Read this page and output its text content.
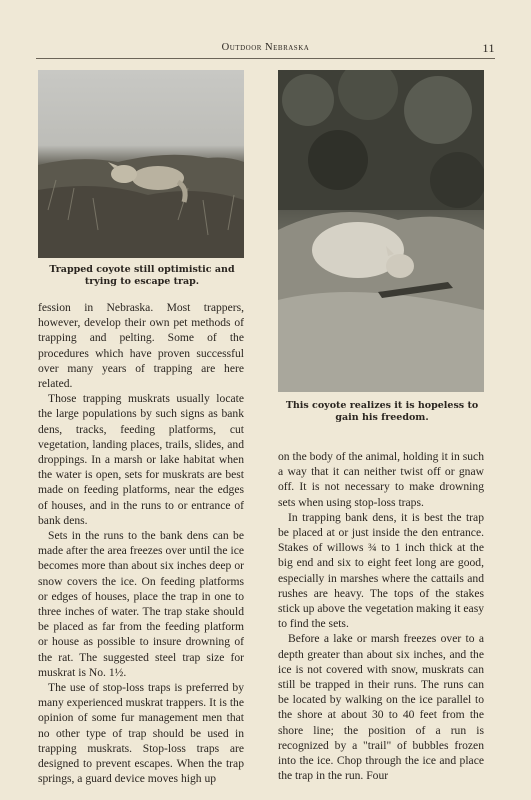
Outdoor Nebraska	11
Trapped coyote still optimistic and trying to escape trap.
This coyote realizes it is hopeless to gain his freedom.

fession in Nebraska. Most trappers, however, develop their own pet methods of trapping and pelting. Some of the procedures which have proven successful over many years of trapping are here related.

Those trapping muskrats usually locate the large populations by such signs as bank dens, tracks, feeding platforms, cut vegetation, landing places, trails, slides, and droppings. In a marsh or lake habitat when the water is open, sets for muskrats are best made on feeding platforms, near the edges of houses, and in the runs to or entrance of bank dens.

Sets in the runs to the bank dens can be made after the area freezes over until the ice becomes more than about six inches deep or snow covers the ice. On feeding platforms or edges of houses, place the trap in one to three inches of water. The trap stake should be placed as far from the feeding platform or house as possible to insure drowning of the rat. The suggested steel trap size for muskrat is No. 1½.

The use of stop-loss traps is preferred by many experienced muskrat trappers. It is the opinion of some fur management men that no other type of trap should be used in trapping muskrats. Stop-loss traps are designed to prevent escapes. When the trap springs, a guard device moves high up

on the body of the animal, holding it in such a way that it can neither twist off or gnaw off. It is not necessary to make drowning sets when using stop-loss traps.

In trapping bank dens, it is best the trap be placed at or just inside the den entrance. Stakes of willows ¾ to 1 inch thick at the big end and six to eight feet long are good, especially in marshes where the cattails and rushes are heavy. The tops of the stakes stick up above the vegetation making it easy to find the sets.

Before a lake or marsh freezes over to a depth greater than about six inches, and the ice is not covered with snow, muskrats can still be trapped in their runs. The runs can be located by walking on the ice parallel to the shore at about 30 to 40 feet from the shore line; the position of a run is recognized by a "trail" of bubbles frozen into the ice. Chop through the ice and place the trap in the run. Four
